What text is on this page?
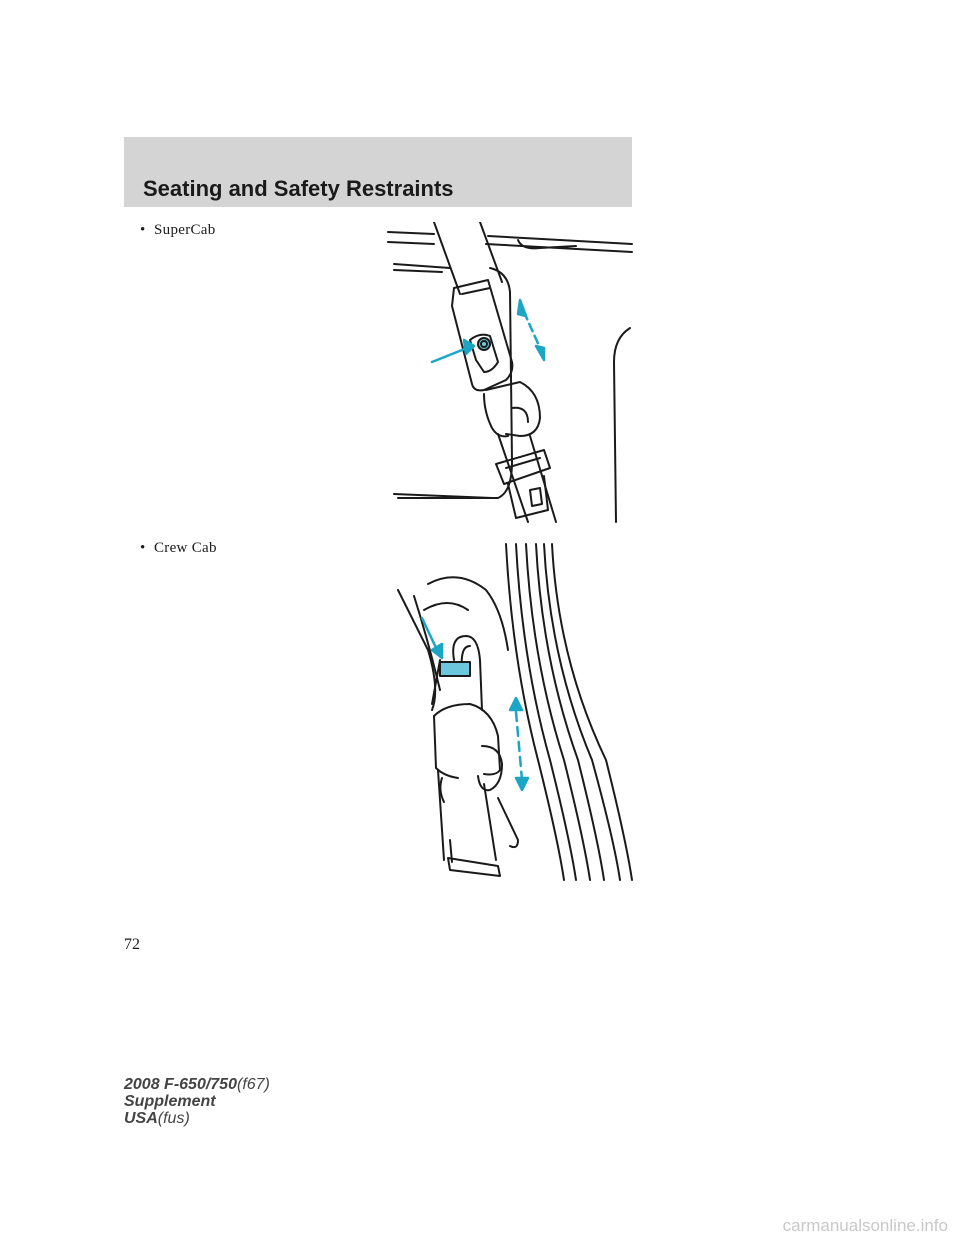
Seating and Safety Restraints
• SuperCab
• Crew Cab
72
2008 F-650/750(f67)
Supplement
USA(fus)
carmanualsonline.info
